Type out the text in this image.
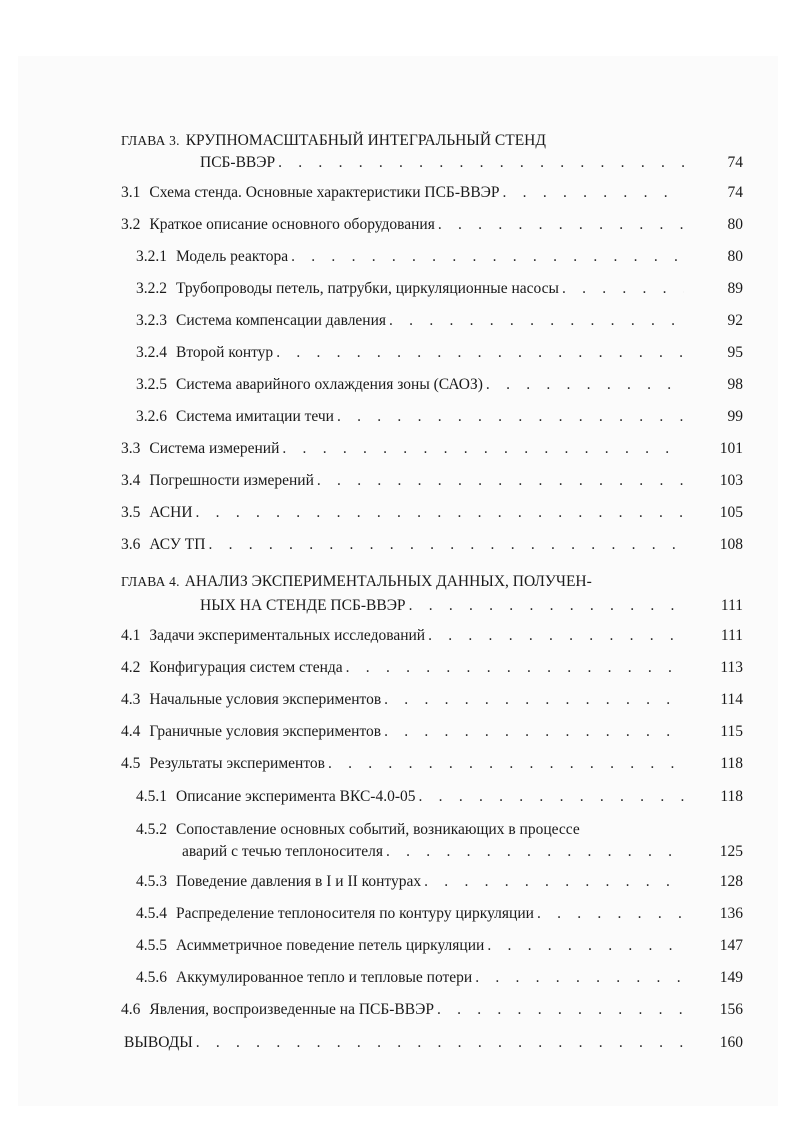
ГЛАВА 3. КРУПНОМАСШТАБНЫЙ ИНТЕГРАЛЬНЫЙ СТЕНД
ПСБ-ВВЭР . . .	74
3.1 Схема стенда. Основные характеристики ПСБ-ВВЭР . . .	74
3.2 Краткое описание основного оборудования . . .	80
3.2.1 Модель реактора . . .	80
3.2.2 Трубопроводы петель, патрубки, циркуляционные насосы . . .	89
3.2.3 Система компенсации давления . . .	92
3.2.4 Второй контур . . .	95
3.2.5 Система аварийного охлаждения зоны (САОЗ) . . .	98
3.2.6 Система имитации течи . . .	99
3.3 Система измерений . . .	101
3.4 Погрешности измерений . . .	103
3.5 АСНИ . . .	105
3.6 АСУ ТП . . .	108
ГЛАВА 4. АНАЛИЗ ЭКСПЕРИМЕНТАЛЬНЫХ ДАННЫХ, ПОЛУЧЕН-
НЫХ НА СТЕНДЕ ПСБ-ВВЭР . . .	111
4.1 Задачи экспериментальных исследований . . .	111
4.2 Конфигурация систем стенда . . .	113
4.3 Начальные условия экспериментов . . .	114
4.4 Граничные условия экспериментов . . .	115
4.5 Результаты экспериментов . . .	118
4.5.1 Описание эксперимента ВКС-4.0-05 . . .	118
4.5.2 Сопоставление основных событий, возникающих в процессе
аварий с течью теплоносителя . . .	125
4.5.3 Поведение давления в I и II контурах . . .	128
4.5.4 Распределение теплоносителя по контуру циркуляции . . .	136
4.5.5 Асимметричное поведение петель циркуляции . . .	147
4.5.6 Аккумулированное тепло и тепловые потери . . .	149
4.6 Явления, воспроизведенные на ПСБ-ВВЭР . . .	156
ВЫВОДЫ . . .	160
